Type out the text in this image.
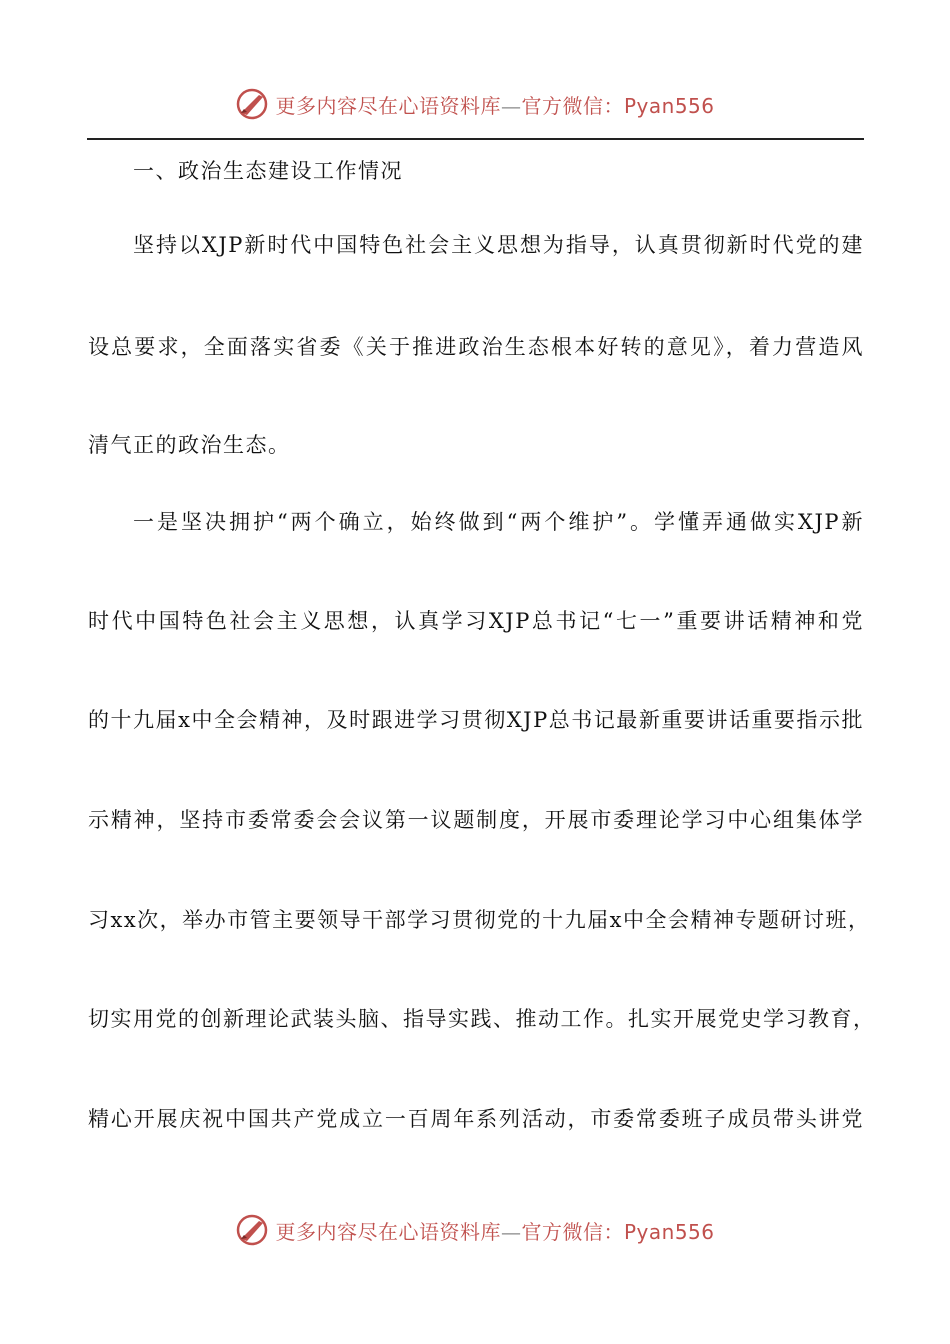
更多内容尽在心语资料库—官方微信：Pyan556
一、政治生态建设工作情况
坚持以XJP新时代中国特色社会主义思想为指导，认真贯彻新时代党的建
设总要求，全面落实省委《关于推进政治生态根本好转的意见》，着力营造风
清气正的政治生态。
一是坚决拥护“两个确立，始终做到“两个维护”。学懂弄通做实XJP新
时代中国特色社会主义思想，认真学习XJP总书记“七一”重要讲话精神和党
的十九届x中全会精神，及时跟进学习贯彻XJP总书记最新重要讲话重要指示批
示精神，坚持市委常委会会议第一议题制度，开展市委理论学习中心组集体学
习xx次，举办市管主要领导干部学习贯彻党的十九届x中全会精神专题研讨班，
切实用党的创新理论武装头脑、指导实践、推动工作。扎实开展党史学习教育，
精心开展庆祝中国共产党成立一百周年系列活动，市委常委班子成员带头讲党
更多内容尽在心语资料库—官方微信：Pyan556
